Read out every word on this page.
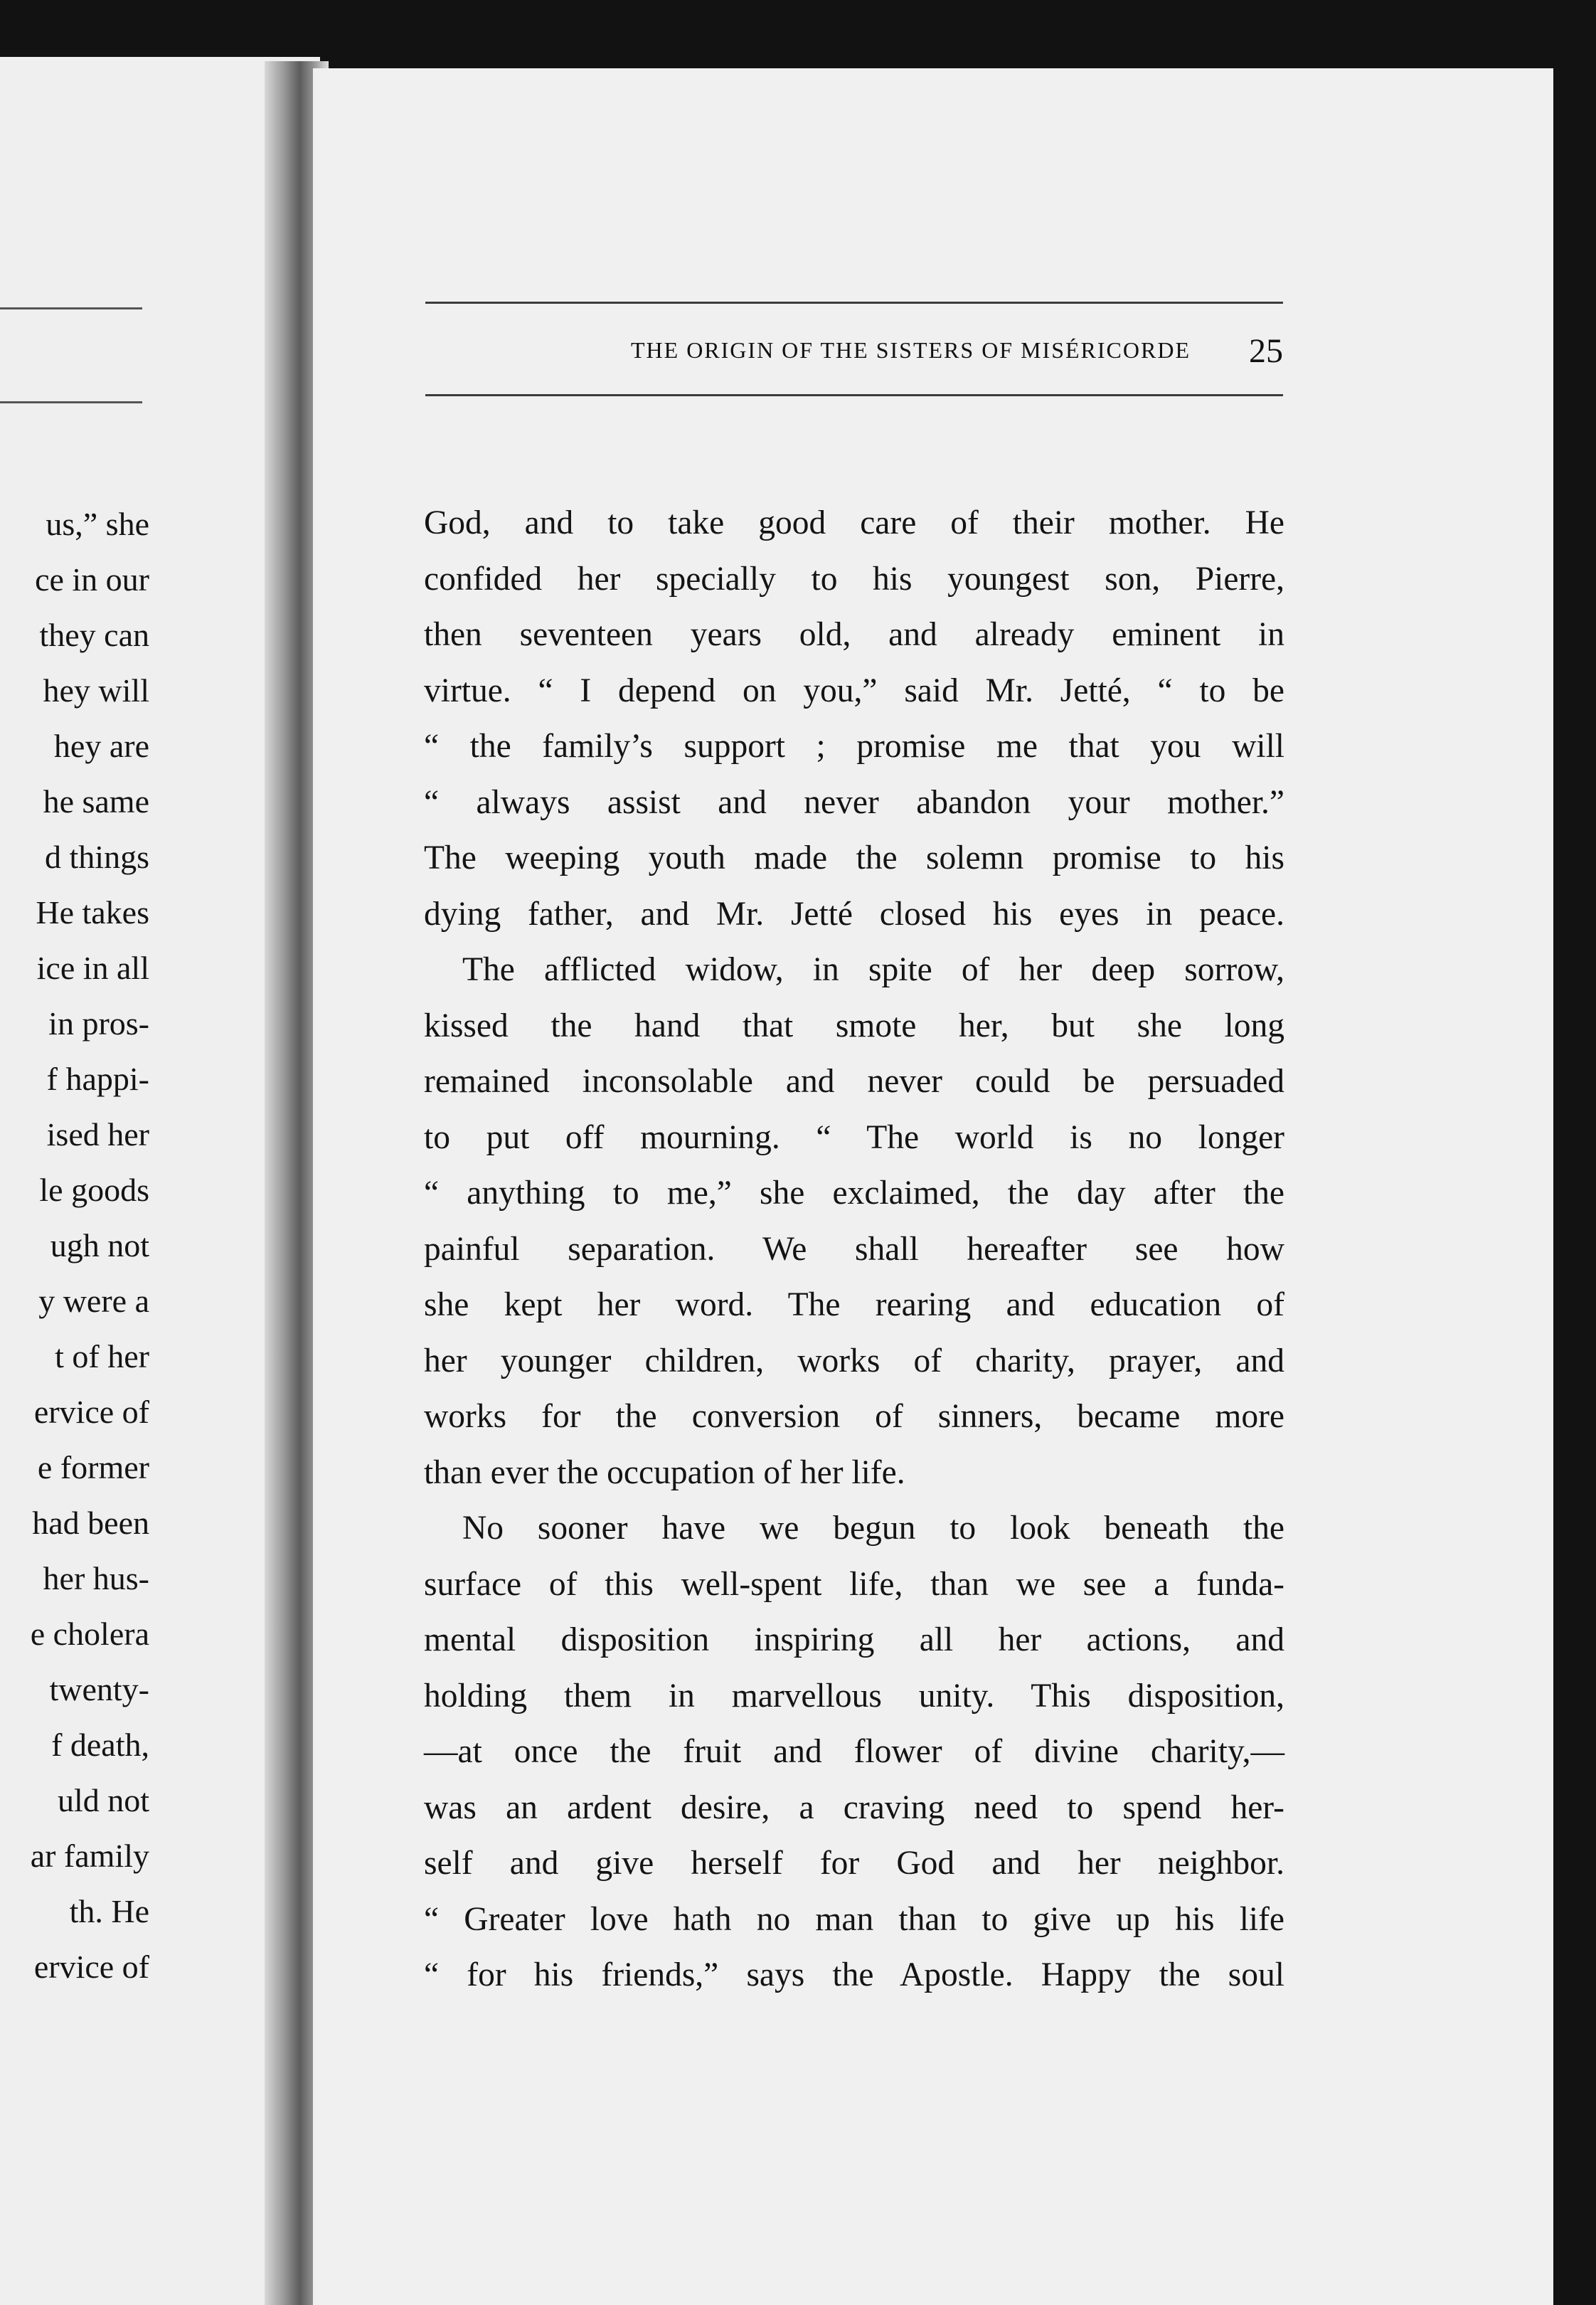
us,” she
ce in our
they can
hey will
hey are
he same
d things
He takes
ice in all
in pros-
f happi-
ised her
le goods
ugh not
y were a
t of her
ervice of
e former
had been
her hus-
e cholera
twenty-
f death,
uld not
ar family
th. He
ervice of
THE ORIGIN OF THE SISTERS OF MISÉRICORDE 25
God, and to take good care of their mother. He
confided her specially to his youngest son, Pierre,
then seventeen years old, and already eminent in
virtue. “ I depend on you,” said Mr. Jetté, “ to be
“ the family’s support ; promise me that you will
“ always assist and never abandon your mother.”
The weeping youth made the solemn promise to his
dying father, and Mr. Jetté closed his eyes in peace.
The afflicted widow, in spite of her deep sorrow,
kissed the hand that smote her, but she long
remained inconsolable and never could be persuaded
to put off mourning. “ The world is no longer
“ anything to me,” she exclaimed, the day after the
painful separation. We shall hereafter see how
she kept her word. The rearing and education of
her younger children, works of charity, prayer, and
works for the conversion of sinners, became more
than ever the occupation of her life.
No sooner have we begun to look beneath the
surface of this well-spent life, than we see a funda-
mental disposition inspiring all her actions, and
holding them in marvellous unity. This disposition,
—at once the fruit and flower of divine charity,—
was an ardent desire, a craving need to spend her-
self and give herself for God and her neighbor.
“ Greater love hath no man than to give up his life
“ for his friends,” says the Apostle. Happy the soul
